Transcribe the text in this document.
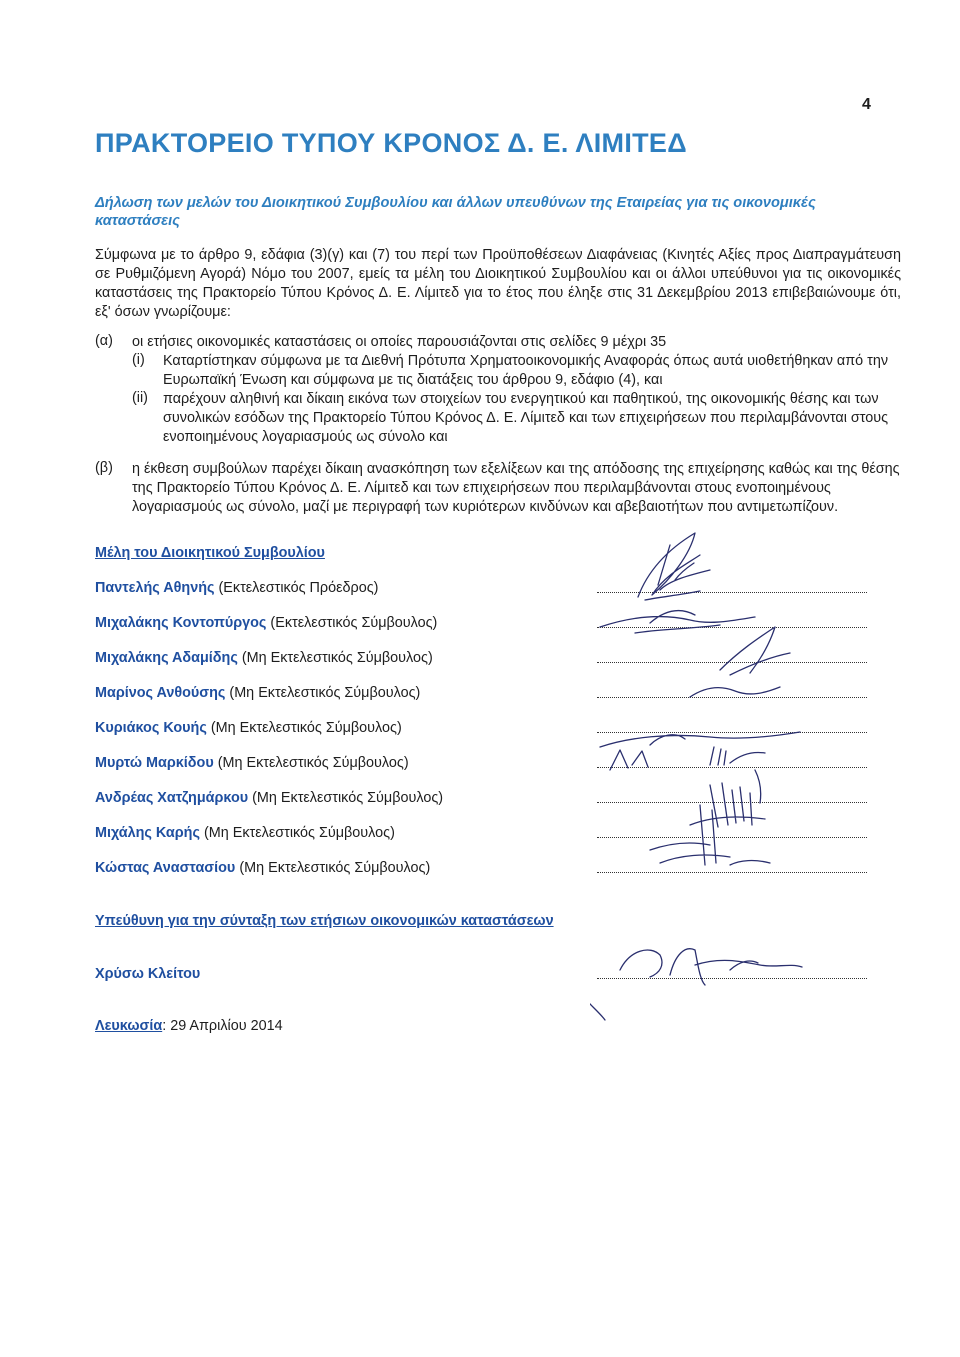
4
ΠΡΑΚΤΟΡΕΙΟ ΤΥΠΟΥ ΚΡΟΝΟΣ Δ. Ε. ΛΙΜΙΤΕΔ
Δήλωση των μελών του Διοικητικού Συμβουλίου και άλλων υπευθύνων της Εταιρείας για τις οικονομικές καταστάσεις
Σύμφωνα με το άρθρο 9, εδάφια (3)(γ) και (7) του περί των Προϋποθέσεων Διαφάνειας (Κινητές Αξίες προς Διαπραγμάτευση σε Ρυθμιζόμενη Αγορά) Νόμο του 2007, εμείς τα μέλη του Διοικητικού Συμβουλίου και οι άλλοι υπεύθυνοι για τις οικονομικές καταστάσεις της Πρακτορείο Τύπου Κρόνος Δ. Ε. Λίμιτεδ για το έτος που έληξε στις 31 Δεκεμβρίου 2013 επιβεβαιώνουμε ότι, εξ' όσων γνωρίζουμε:
(α) οι ετήσιες οικονομικές καταστάσεις οι οποίες παρουσιάζονται στις σελίδες 9 μέχρι 35
(i) Καταρτίστηκαν σύμφωνα με τα Διεθνή Πρότυπα Χρηματοοικονομικής Αναφοράς όπως αυτά υιοθετήθηκαν από την Ευρωπαϊκή Ένωση και σύμφωνα με τις διατάξεις του άρθρου 9, εδάφιο (4), και
(ii) παρέχουν αληθινή και δίκαιη εικόνα των στοιχείων του ενεργητικού και παθητικού, της οικονομικής θέσης και των συνολικών εσόδων της Πρακτορείο Τύπου Κρόνος Δ. Ε. Λίμιτεδ και των επιχειρήσεων που περιλαμβάνονται στους ενοποιημένους λογαριασμούς ως σύνολο και
(β) η έκθεση συμβούλων παρέχει δίκαιη ανασκόπηση των εξελίξεων και της απόδοσης της επιχείρησης καθώς και της θέσης της Πρακτορείο Τύπου Κρόνος Δ. Ε. Λίμιτεδ και των επιχειρήσεων που περιλαμβάνονται στους ενοποιημένους λογαριασμούς ως σύνολο, μαζί με περιγραφή των κυριότερων κινδύνων και αβεβαιοτήτων που αντιμετωπίζουν.
Μέλη του Διοικητικού Συμβουλίου
Παντελής Αθηνής (Εκτελεστικός Πρόεδρος)
Μιχαλάκης Κοντοπύργος (Εκτελεστικός Σύμβουλος)
Μιχαλάκης Αδαμίδης (Μη Εκτελεστικός Σύμβουλος)
Μαρίνος Ανθούσης (Μη Εκτελεστικός Σύμβουλος)
Κυριάκος Κουής (Μη Εκτελεστικός Σύμβουλος)
Μυρτώ Μαρκίδου (Μη Εκτελεστικός Σύμβουλος)
Ανδρέας Χατζημάρκου (Μη Εκτελεστικός Σύμβουλος)
Μιχάλης Καρής (Μη Εκτελεστικός Σύμβουλος)
Κώστας Αναστασίου (Μη Εκτελεστικός Σύμβουλος)
Υπεύθυνη για την σύνταξη των ετήσιων οικονομικών καταστάσεων
Χρύσω Κλείτου
Λευκωσία: 29 Απριλίου 2014
